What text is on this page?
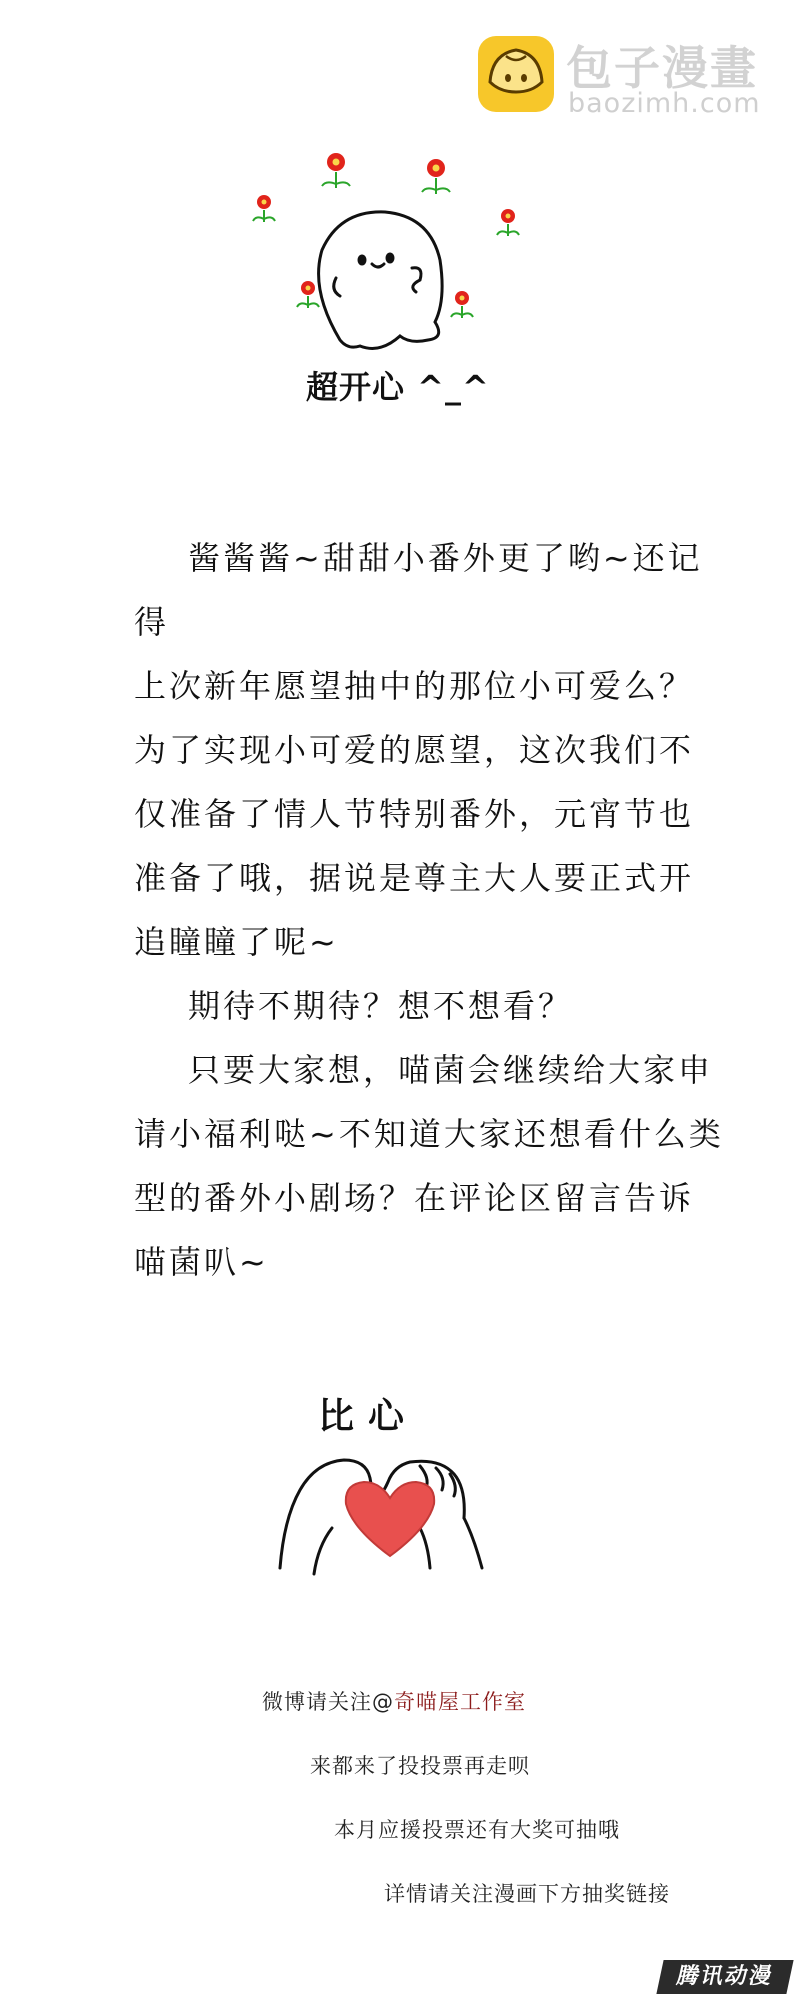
包子漫畫
baozimh.com
超开心 ^_^

酱酱酱~甜甜小番外更了哟~还记得

上次新年愿望抽中的那位小可爱么？

为了实现小可爱的愿望，这次我们不

仅准备了情人节特别番外，元宵节也

准备了哦，据说是尊主大人要正式开

追瞳瞳了呢~

期待不期待？想不想看？

只要大家想，喵菌会继续给大家申

请小福利哒~不知道大家还想看什么类

型的番外小剧场？在评论区留言告诉

喵菌叭~

比心
微博请关注@奇喵屋工作室
来都来了投投票再走呗
本月应援投票还有大奖可抽哦
详情请关注漫画下方抽奖链接
腾讯动漫
